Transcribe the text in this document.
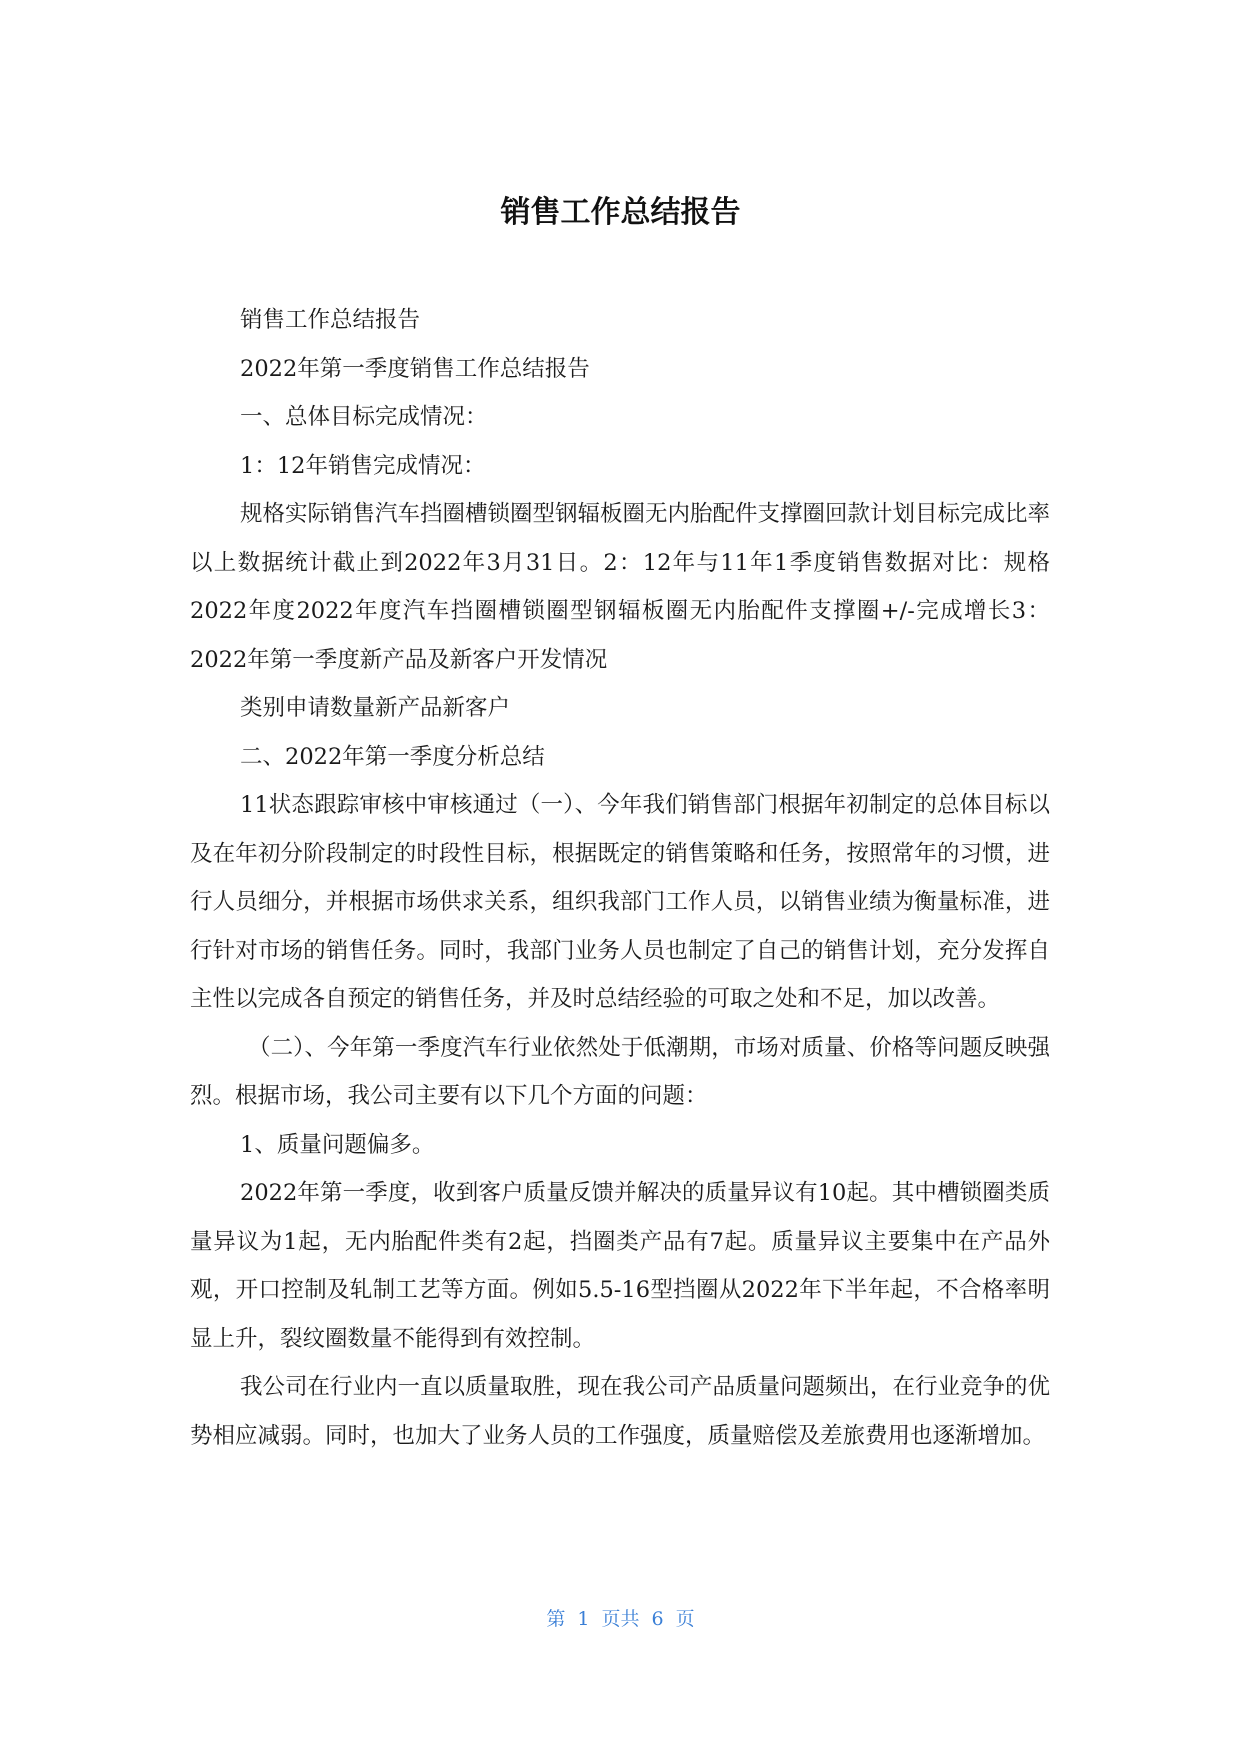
销售工作总结报告

销售工作总结报告

2022年第一季度销售工作总结报告

一、总体目标完成情况：

1：12年销售完成情况：

规格实际销售汽车挡圈槽锁圈型钢辐板圈无内胎配件支撑圈回款计划目标完成比率以上数据统计截止到2022年3月31日。2：12年与11年1季度销售数据对比：规格2022年度2022年度汽车挡圈槽锁圈型钢辐板圈无内胎配件支撑圈+/-完成增长3：2022年第一季度新产品及新客户开发情况

类别申请数量新产品新客户

二、2022年第一季度分析总结

11状态跟踪审核中审核通过（一）、今年我们销售部门根据年初制定的总体目标以及在年初分阶段制定的时段性目标，根据既定的销售策略和任务，按照常年的习惯，进行人员细分，并根据市场供求关系，组织我部门工作人员，以销售业绩为衡量标准，进行针对市场的销售任务。同时，我部门业务人员也制定了自己的销售计划，充分发挥自主性以完成各自预定的销售任务，并及时总结经验的可取之处和不足，加以改善。

（二）、今年第一季度汽车行业依然处于低潮期，市场对质量、价格等问题反映强烈。根据市场，我公司主要有以下几个方面的问题：

1、质量问题偏多。

2022年第一季度，收到客户质量反馈并解决的质量异议有10起。其中槽锁圈类质量异议为1起，无内胎配件类有2起，挡圈类产品有7起。质量异议主要集中在产品外观，开口控制及轧制工艺等方面。例如5.5-16型挡圈从2022年下半年起，不合格率明显上升，裂纹圈数量不能得到有效控制。

我公司在行业内一直以质量取胜，现在我公司产品质量问题频出，在行业竞争的优势相应减弱。同时，也加大了业务人员的工作强度，质量赔偿及差旅费用也逐渐增加。

第 1 页共 6 页
